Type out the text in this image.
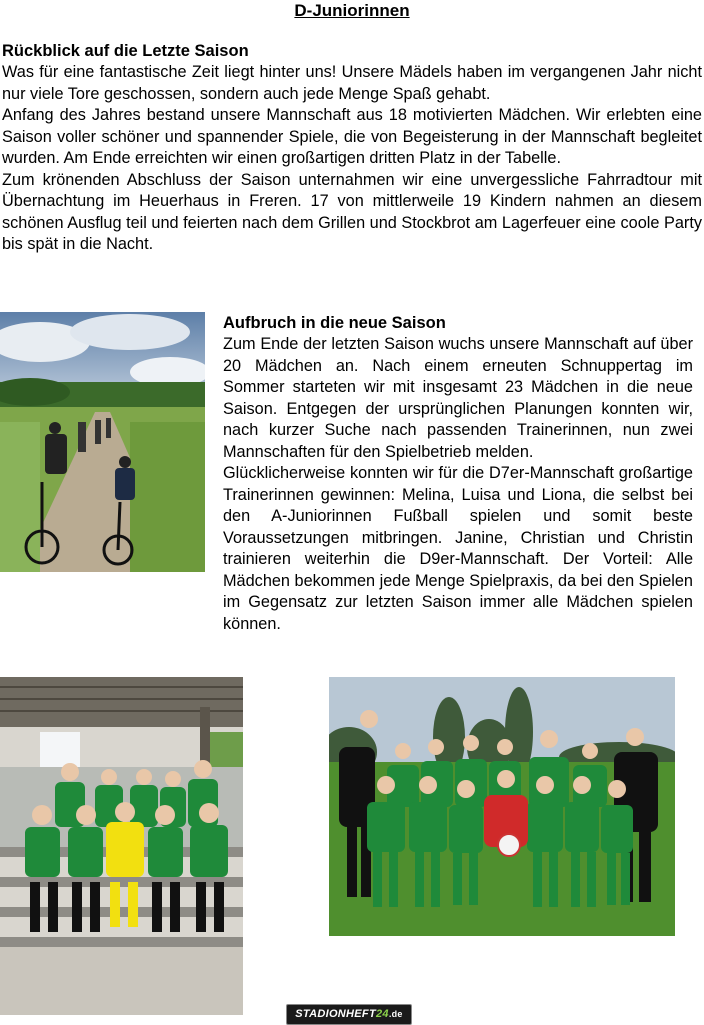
D-Juniorinnen

Rückblick auf die Letzte Saison

Was für eine fantastische Zeit liegt hinter uns! Unsere Mädels haben im vergangenen Jahr nicht nur viele Tore geschossen, sondern auch jede Menge Spaß gehabt.

Anfang des Jahres bestand unsere Mannschaft aus 18 motivierten Mädchen. Wir erlebten eine Saison voller schöner und spannender Spiele, die von Begeisterung in der Mannschaft begleitet wurden. Am Ende erreichten wir einen großartigen dritten Platz in der Tabelle.

Zum krönenden Abschluss der Saison unternahmen wir eine unvergessliche Fahrradtour mit Übernachtung im Heuerhaus in Freren. 17 von mittlerweile 19 Kindern nahmen an diesem schönen Ausflug teil und feierten nach dem Grillen und Stockbrot am Lagerfeuer eine coole Party bis spät in die Nacht.

Aufbruch in die neue Saison

Zum Ende der letzten Saison wuchs unsere Mannschaft auf über 20 Mädchen an. Nach einem erneuten Schnuppertag im Sommer starteten wir mit insgesamt 23 Mädchen in die neue Saison. Entgegen der ursprünglichen Planungen konnten wir, nach kurzer Suche nach passenden Trainerinnen, nun zwei Mannschaften für den Spielbetrieb melden.

Glücklicherweise konnten wir für die D7er-Mannschaft großartige Trainerinnen gewinnen: Melina, Luisa und Liona, die selbst bei den A-Juniorinnen Fußball spielen und somit beste Voraussetzungen mitbringen. Janine, Christian und Christin trainieren weiterhin die D9er-Mannschaft. Der Vorteil: Alle Mädchen bekommen jede Menge Spielpraxis, da bei den Spielen im Gegensatz zur letzten Saison immer alle Mädchen spielen können.

STADIONHEFT24.de
